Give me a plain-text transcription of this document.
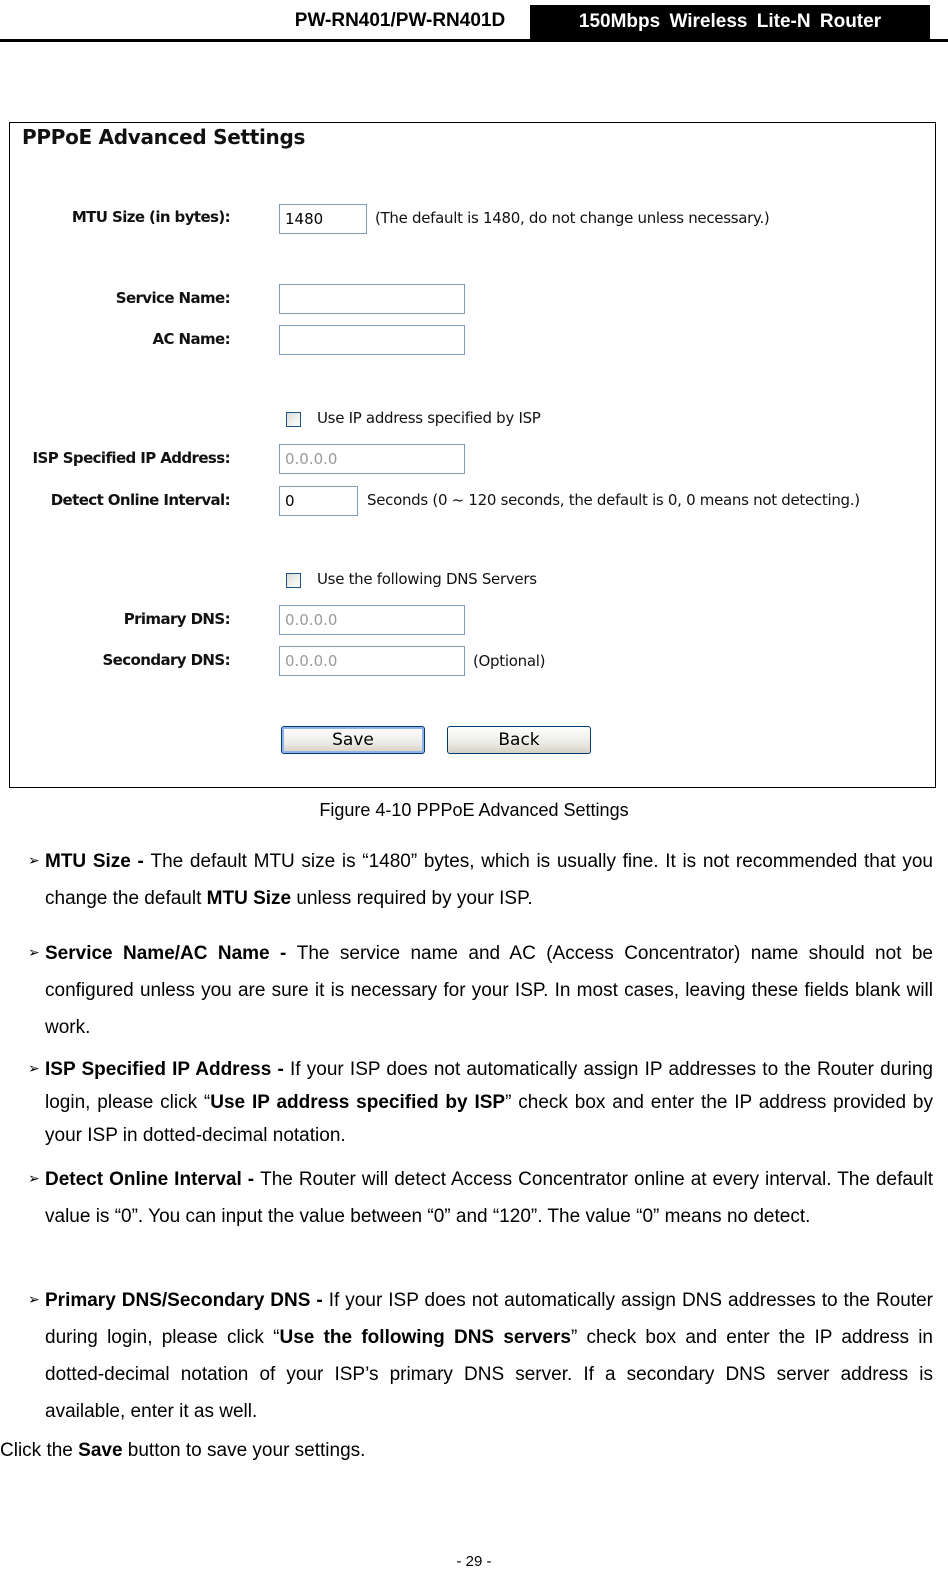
PW-RN401/PW-RN401D	150Mbps Wireless Lite-N Router
PPPoE Advanced Settings
MTU Size (in bytes):	1480	(The default is 1480, do not change unless necessary.)
Service Name:
AC Name:
Use IP address specified by ISP
ISP Specified IP Address:	0.0.0.0
Detect Online Interval:	0	Seconds (0 ~ 120 seconds, the default is 0, 0 means not detecting.)
Use the following DNS Servers
Primary DNS:	0.0.0.0
Secondary DNS:	0.0.0.0	(Optional)
Save	Back
Figure 4-10 PPPoE Advanced Settings
➢ MTU Size - The default MTU size is “1480” bytes, which is usually fine. It is not recommended that you change the default MTU Size unless required by your ISP.
➢ Service Name/AC Name - The service name and AC (Access Concentrator) name should not be configured unless you are sure it is necessary for your ISP. In most cases, leaving these fields blank will work.
➢ ISP Specified IP Address - If your ISP does not automatically assign IP addresses to the Router during login, please click “Use IP address specified by ISP” check box and enter the IP address provided by your ISP in dotted-decimal notation.
➢ Detect Online Interval - The Router will detect Access Concentrator online at every interval. The default value is “0”. You can input the value between “0” and “120”. The value “0” means no detect.
➢ Primary DNS/Secondary DNS - If your ISP does not automatically assign DNS addresses to the Router during login, please click “Use the following DNS servers” check box and enter the IP address in dotted-decimal notation of your ISP’s primary DNS server. If a secondary DNS server address is available, enter it as well.
Click the Save button to save your settings.
- 29 -
